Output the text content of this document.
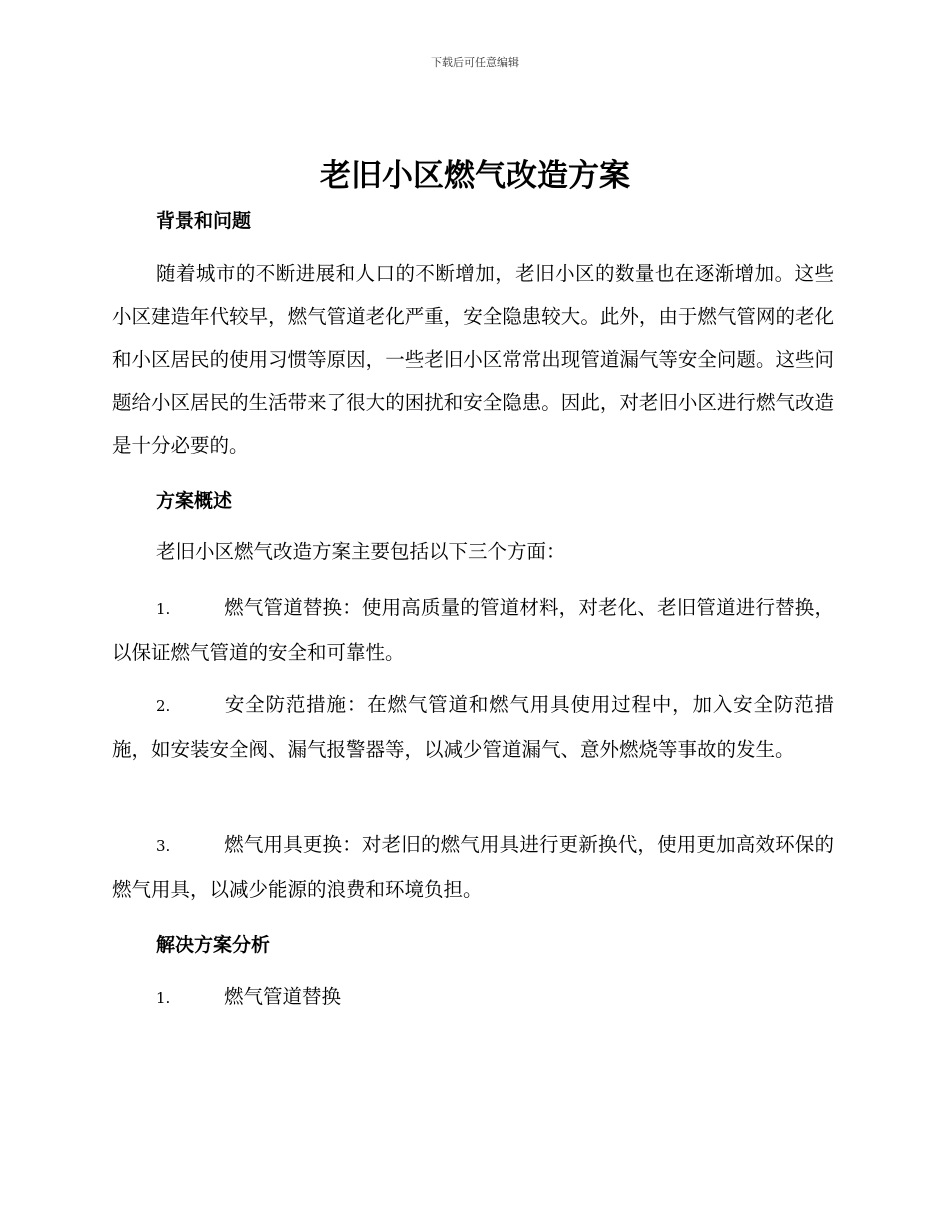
下载后可任意编辑
老旧小区燃气改造方案
背景和问题

随着城市的不断进展和人口的不断增加，老旧小区的数量也在逐渐增加。这些小区建造年代较早，燃气管道老化严重，安全隐患较大。此外，由于燃气管网的老化和小区居民的使用习惯等原因，一些老旧小区常常出现管道漏气等安全问题。这些问题给小区居民的生活带来了很大的困扰和安全隐患。因此，对老旧小区进行燃气改造是十分必要的。

方案概述

老旧小区燃气改造方案主要包括以下三个方面：

1.	燃气管道替换：使用高质量的管道材料，对老化、老旧管道进行替换，以保证燃气管道的安全和可靠性。

2.	安全防范措施：在燃气管道和燃气用具使用过程中，加入安全防范措施，如安装安全阀、漏气报警器等，以减少管道漏气、意外燃烧等事故的发生。

3.	燃气用具更换：对老旧的燃气用具进行更新换代，使用更加高效环保的燃气用具，以减少能源的浪费和环境负担。

解决方案分析

1.	燃气管道替换
